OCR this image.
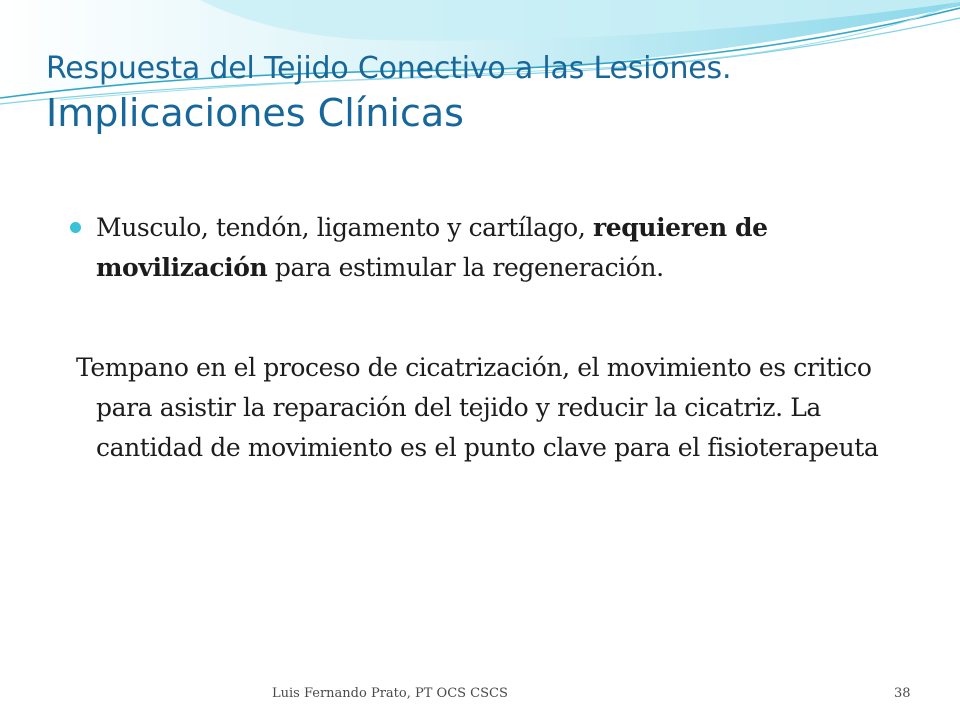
Respuesta del Tejido Conectivo a las Lesiones.
Implicaciones Clínicas
Musculo, tendón, ligamento y cartílago, requieren de movilización para estimular la regeneración.
Tempano en el proceso de cicatrización, el movimiento es critico para asistir la reparación del tejido y reducir la cicatriz. La cantidad de movimiento es el punto clave para el fisioterapeuta
Luis Fernando Prato, PT OCS CSCS	38
